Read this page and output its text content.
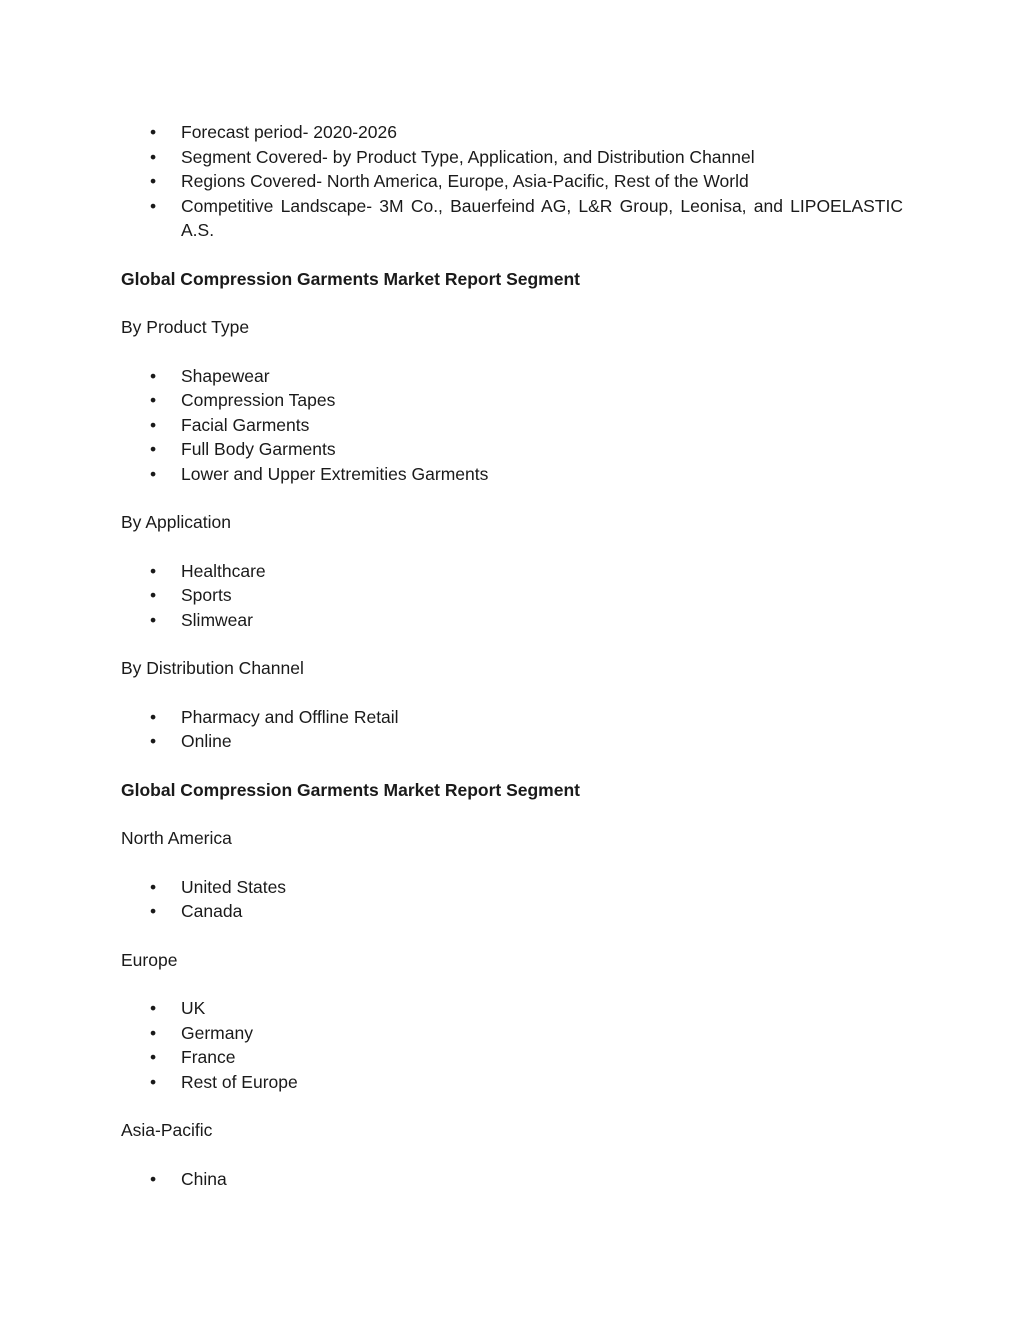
• Forecast period- 2020-2026
• Segment Covered- by Product Type, Application, and Distribution Channel
• Regions Covered- North America, Europe, Asia-Pacific, Rest of the World
• Competitive Landscape- 3M Co., Bauerfeind AG, L&R Group, Leonisa, and LIPOELASTIC A.S.

Global Compression Garments Market Report Segment

By Product Type

• Shapewear
• Compression Tapes
• Facial Garments
• Full Body Garments
• Lower and Upper Extremities Garments

By Application

• Healthcare
• Sports
• Slimwear

By Distribution Channel

• Pharmacy and Offline Retail
• Online

Global Compression Garments Market Report Segment

North America

• United States
• Canada

Europe

• UK
• Germany
• France
• Rest of Europe

Asia-Pacific

• China
